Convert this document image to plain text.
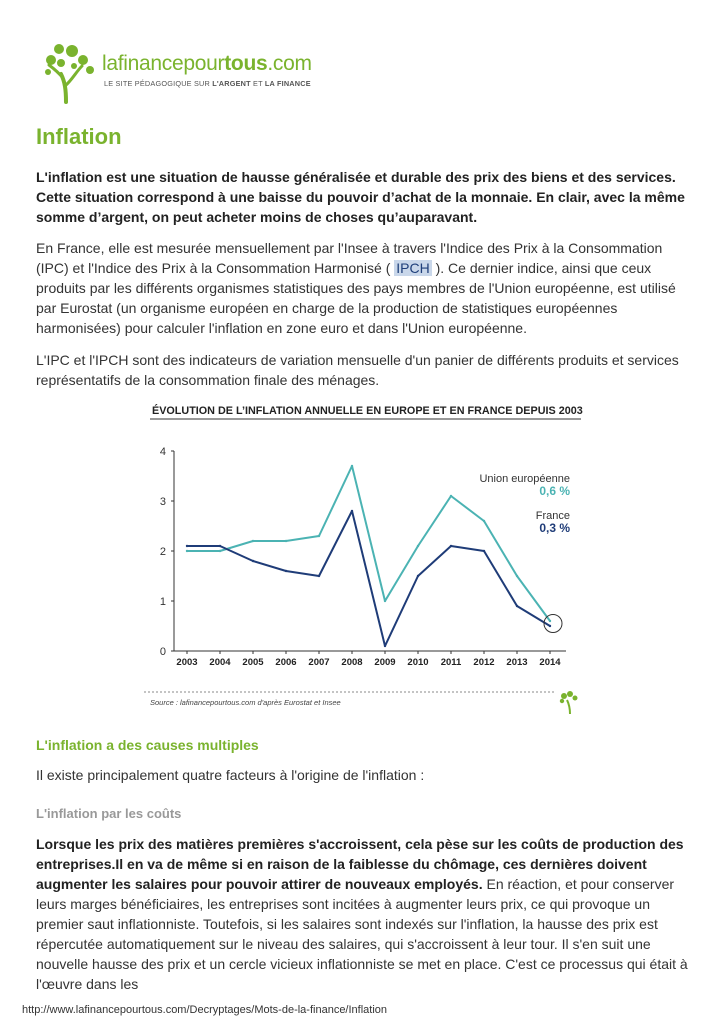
lafinancepourtous.com
LE SITE PÉDAGOGIQUE SUR L'ARGENT ET LA FINANCE
Inflation

L'inflation est une situation de hausse généralisée et durable des prix des biens et des services. Cette situation correspond à une baisse du pouvoir d’achat de la monnaie. En clair, avec la même somme d’argent, on peut acheter moins de choses qu’auparavant.

En France, elle est mesurée mensuellement par l'Insee à travers l'Indice des Prix à la Consommation (IPC) et l'Indice des Prix à la Consommation Harmonisé ( IPCH ). Ce dernier indice, ainsi que ceux produits par les différents organismes statistiques des pays membres de l'Union européenne, est utilisé par Eurostat (un organisme européen en charge de la production de statistiques européennes harmonisées) pour calculer l'inflation en zone euro et dans l'Union européenne.

L'IPC et l'IPCH sont des indicateurs de variation mensuelle d'un panier de différents produits et services représentatifs de la consommation finale des ménages.

ÉVOLUTION DE L’INFLATION ANNUELLE EN EUROPE ET EN FRANCE DEPUIS 2003
0
1
2
3
4
2003 2004 2005 2006 2007 2008 2009 2010 2011 2012 2013 2014
Union européenne
0,6 %
France
0,3 %
Source : lafinancepourtous.com d'après Eurostat et Insee
L'inflation a des causes multiples

Il existe principalement quatre facteurs à l'origine de l'inflation :

L'inflation par les coûts

Lorsque les prix des matières premières s'accroissent, cela pèse sur les coûts de production des entreprises.Il en va de même si en raison de la faiblesse du chômage, ces dernières doivent augmenter les salaires pour pouvoir attirer de nouveaux employés. En réaction, et pour conserver leurs marges bénéficiaires, les entreprises sont incitées à augmenter leurs prix, ce qui provoque un premier saut inflationniste. Toutefois, si les salaires sont indexés sur l'inflation, la hausse des prix est répercutée automatiquement sur le niveau des salaires, qui s'accroissent à leur tour. Il s'en suit une nouvelle hausse des prix et un cercle vicieux inflationniste se met en place. C'est ce processus qui était à l'œuvre dans les

http://www.lafinancepourtous.com/Decryptages/Mots-de-la-finance/Inflation
